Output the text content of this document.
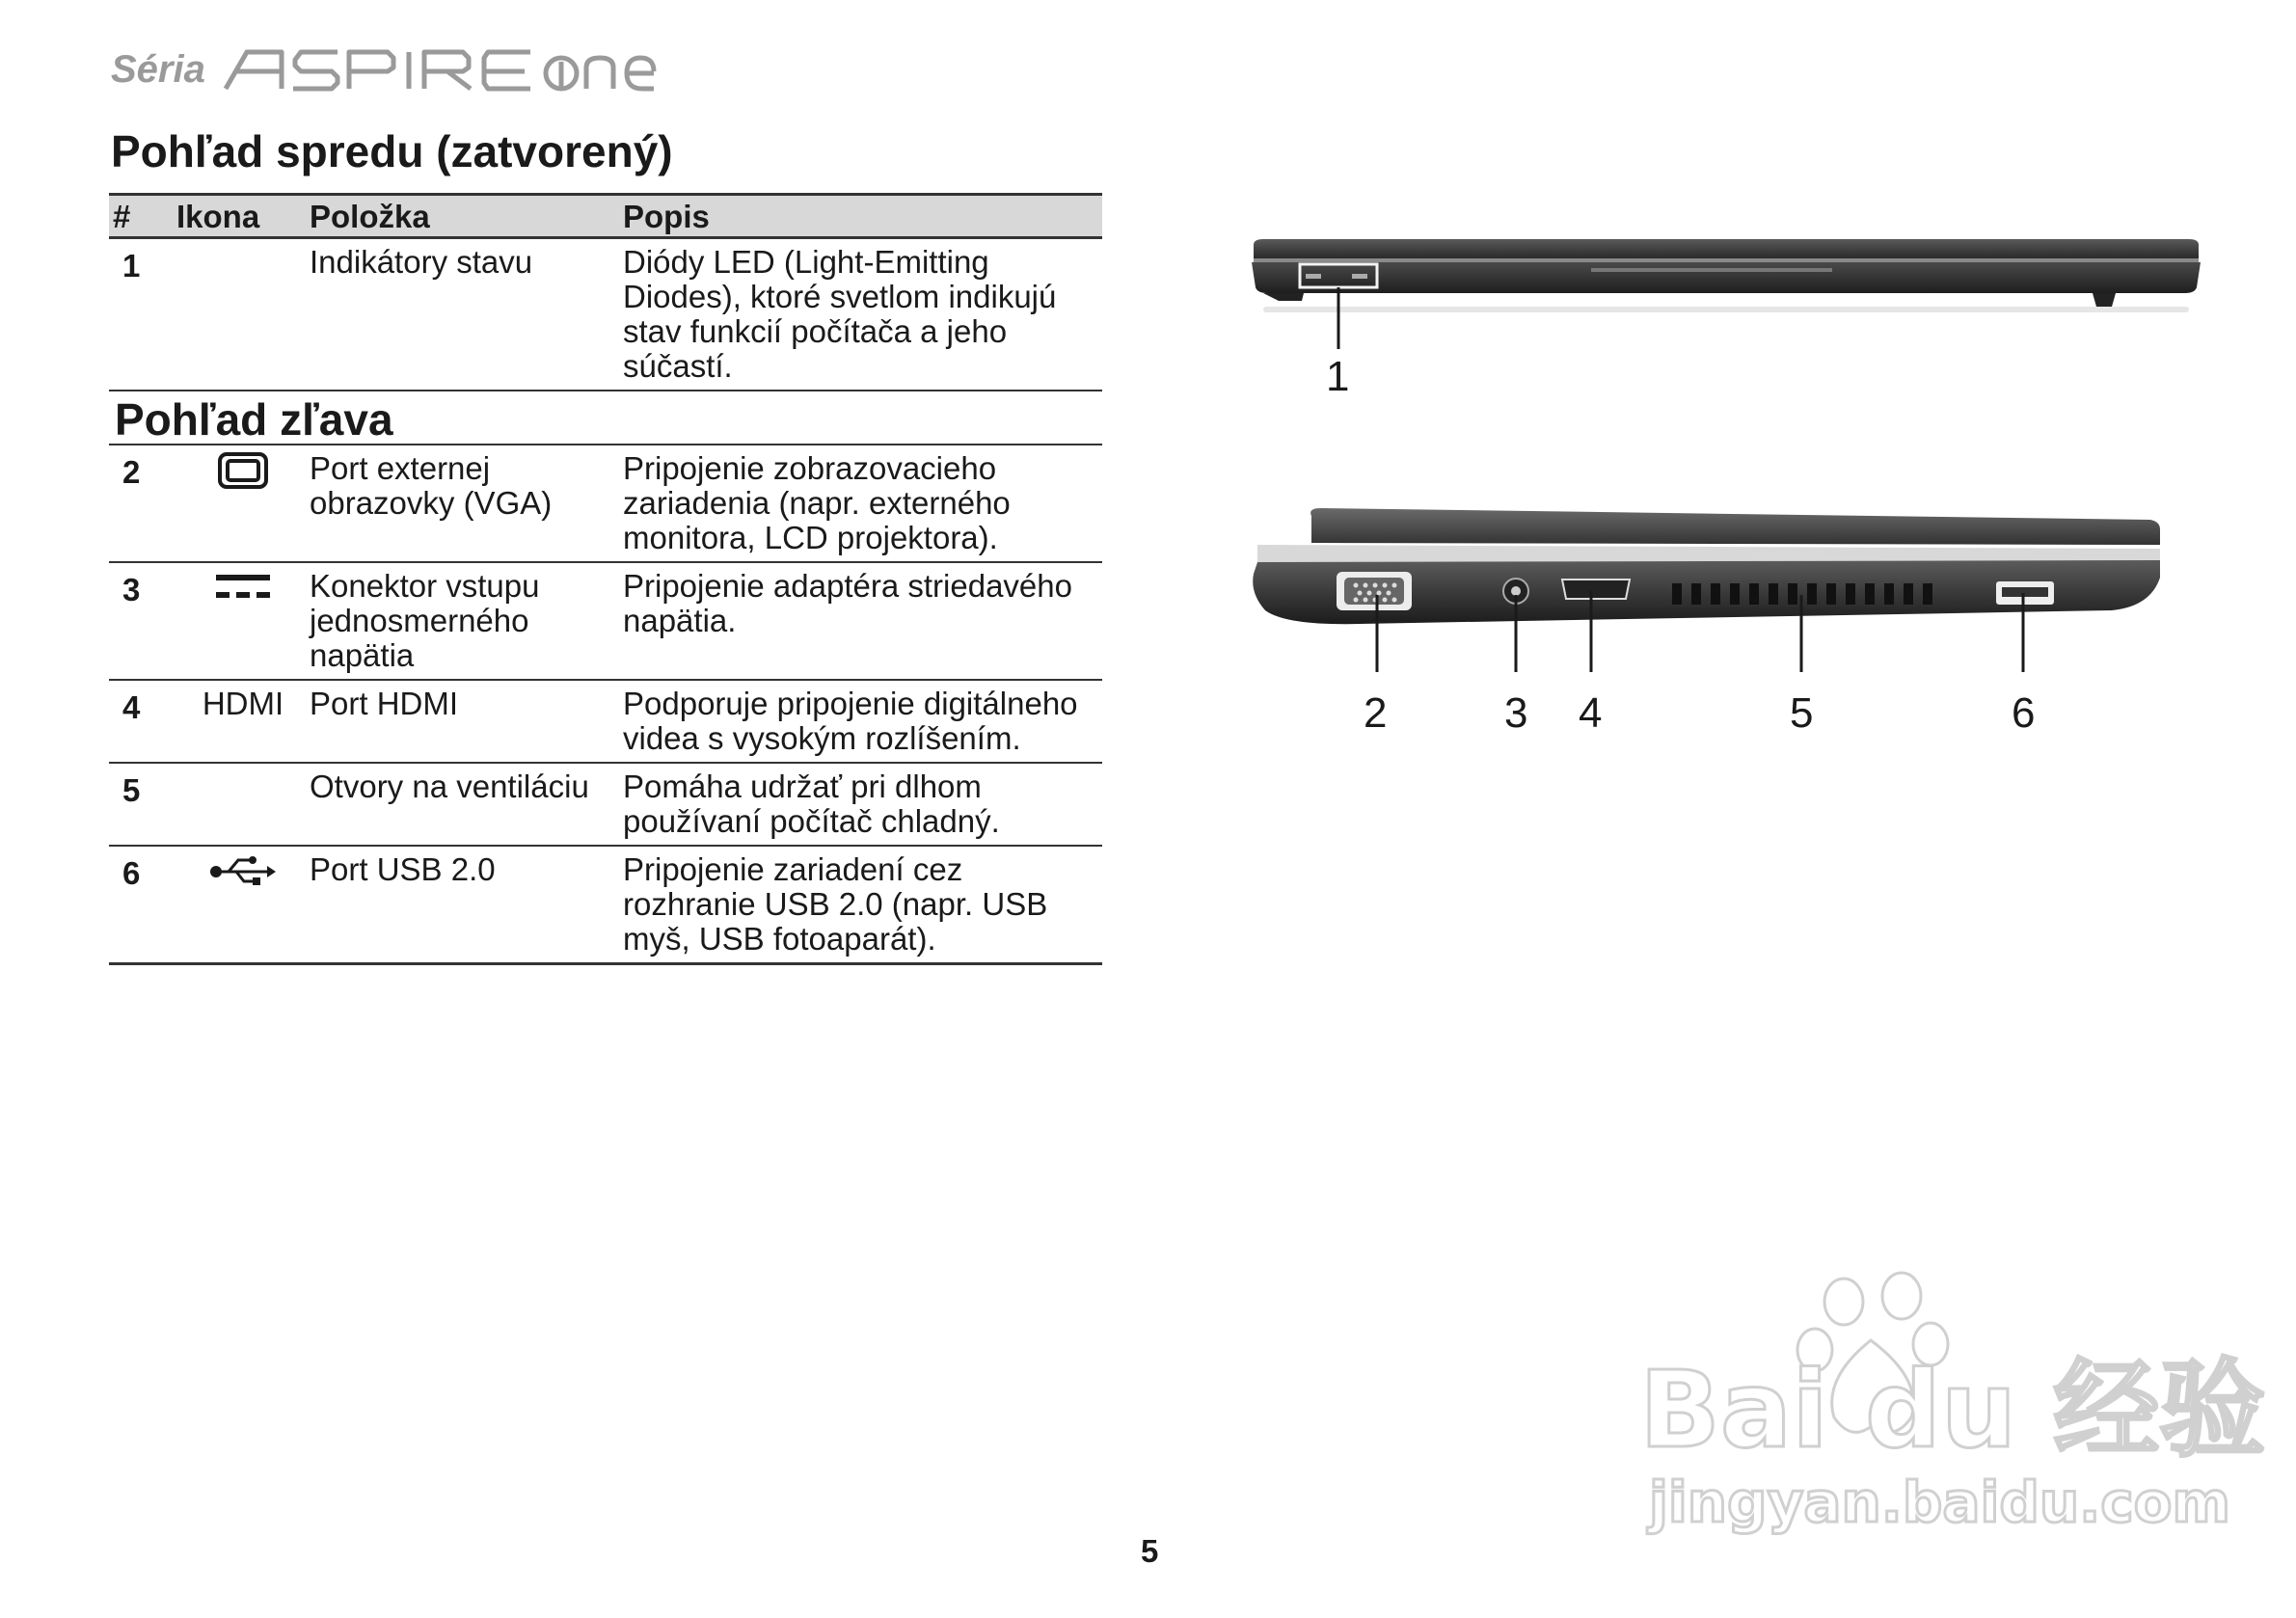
Séria
Pohľad spredu (zatvorený)
#	Ikona	Položka	Popis
1		Indikátory stavu	Diódy LED (Light-Emitting Diodes), ktoré svetlom indikujú stav funkcií počítača a jeho súčastí.
Pohľad zľava			
2		Port externej obrazovky (VGA)	Pripojenie zobrazovacieho zariadenia (napr. externého monitora, LCD projektora).
3		Konektor vstupu jednosmerného napätia	Pripojenie adaptéra striedavého napätia.
4	HDMI	Port HDMI	Podporuje pripojenie digitálneho videa s vysokým rozlíšením.
5		Otvory na ventiláciu	Pomáha udržať pri dlhom používaní počítač chladný.
6		Port USB 2.0	Pripojenie zariadení cez rozhranie USB 2.0 (napr. USB myš, USB fotoaparát).
1
2	3 4	5	6
5
Bai du 经验
jingyan.baidu.com
